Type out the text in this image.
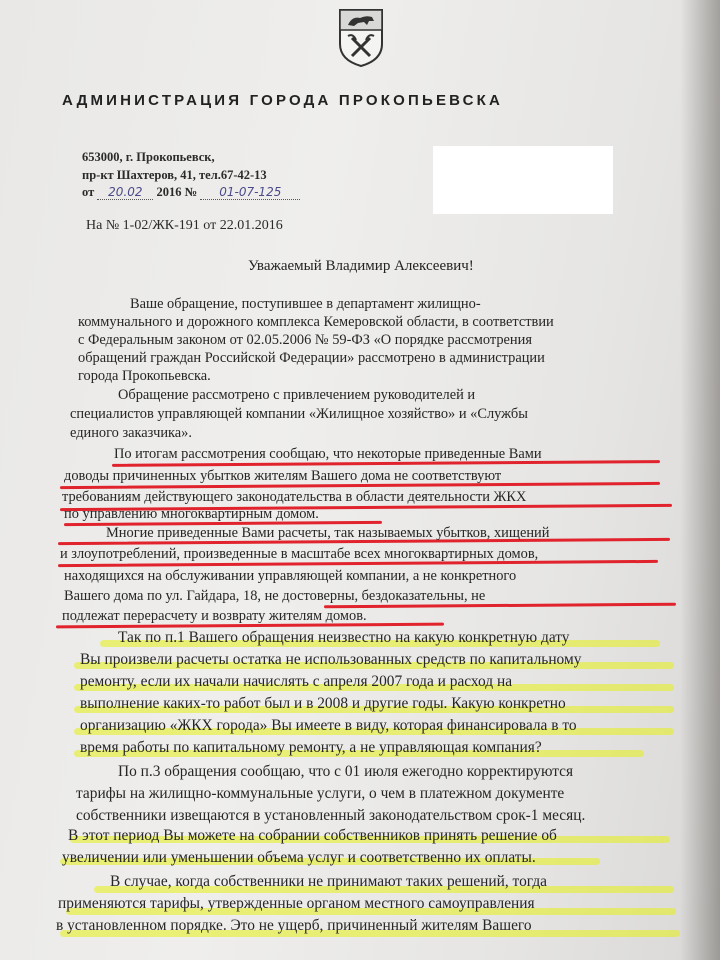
АДМИНИСТРАЦИЯ ГОРОДА ПРОКОПЬЕВСКА
653000, г. Прокопьевск,
пр-кт Шахтеров, 41, тел.67-42-13
от 20.02 2016 № 01-07-125
На № 1-02/ЖК-191 от 22.01.2016
Уважаемый Владимир Алексеевич!
Ваше обращение, поступившее в департамент жилищно-
коммунального и дорожного комплекса Кемеровской области, в соответствии
с Федеральным законом от 02.05.2006 № 59-ФЗ «О порядке рассмотрения
обращений граждан Российской Федерации» рассмотрено в администрации
города Прокопьевска.
Обращение рассмотрено с привлечением руководителей и
специалистов управляющей компании «Жилищное хозяйство» и «Службы
единого заказчика».
По итогам рассмотрения сообщаю, что некоторые приведенные Вами
доводы причиненных убытков жителям Вашего дома не соответствуют
требованиям действующего законодательства в области деятельности ЖКХ
по управлению многоквартирным домом.
Многие приведенные Вами расчеты, так называемых убытков, хищений
и злоупотреблений, произведенные в масштабе всех многоквартирных домов,
находящихся на обслуживании управляющей компании, а не конкретного
Вашего дома по ул. Гайдара, 18, не достоверны, бездоказательны, не
подлежат перерасчету и возврату жителям домов.
Так по п.1 Вашего обращения неизвестно на какую конкретную дату
Вы произвели расчеты остатка не использованных средств по капитальному
ремонту, если их начали начислять с апреля 2007 года и расход на
выполнение каких-то работ был и в 2008 и другие годы. Какую конкретно
организацию «ЖКХ города» Вы имеете в виду, которая финансировала в то
время работы по капитальному ремонту, а не управляющая компания?
По п.3 обращения сообщаю, что с 01 июля ежегодно корректируются
тарифы на жилищно-коммунальные услуги, о чем в платежном документе
собственники извещаются в установленный законодательством срок-1 месяц.
В этот период Вы можете на собрании собственников принять решение об
увеличении или уменьшении объема услуг и соответственно их оплаты.
В случае, когда собственники не принимают таких решений, тогда
применяются тарифы, утвержденные органом местного самоуправления
в установленном порядке. Это не ущерб, причиненный жителям Вашего
